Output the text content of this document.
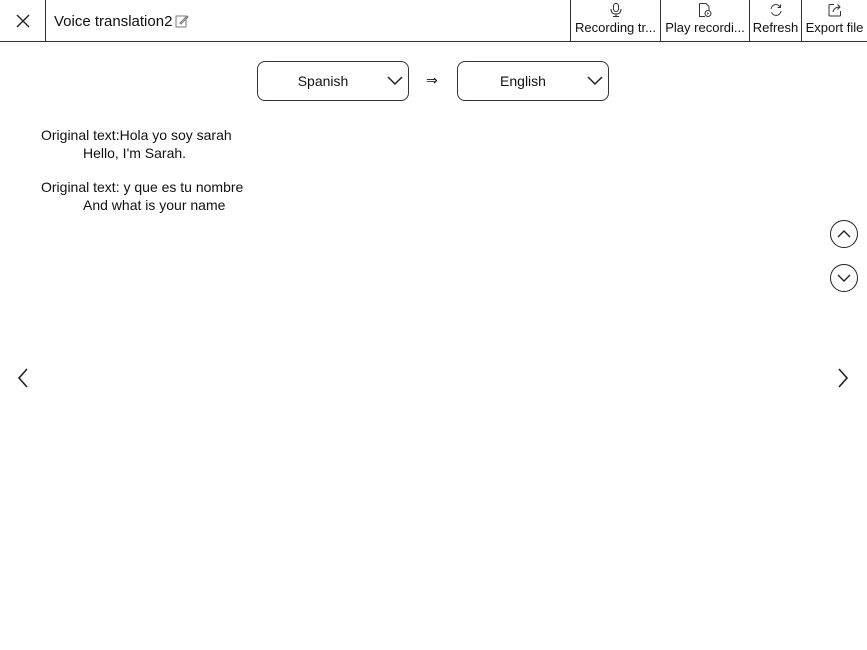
Voice translation2	Recording tr... Play recordi... Refresh Export file
Spanish	⇒	English
Original text:Hola yo soy sarah
Hello, I'm Sarah.
Original text: y que es tu nombre
And what is your name
